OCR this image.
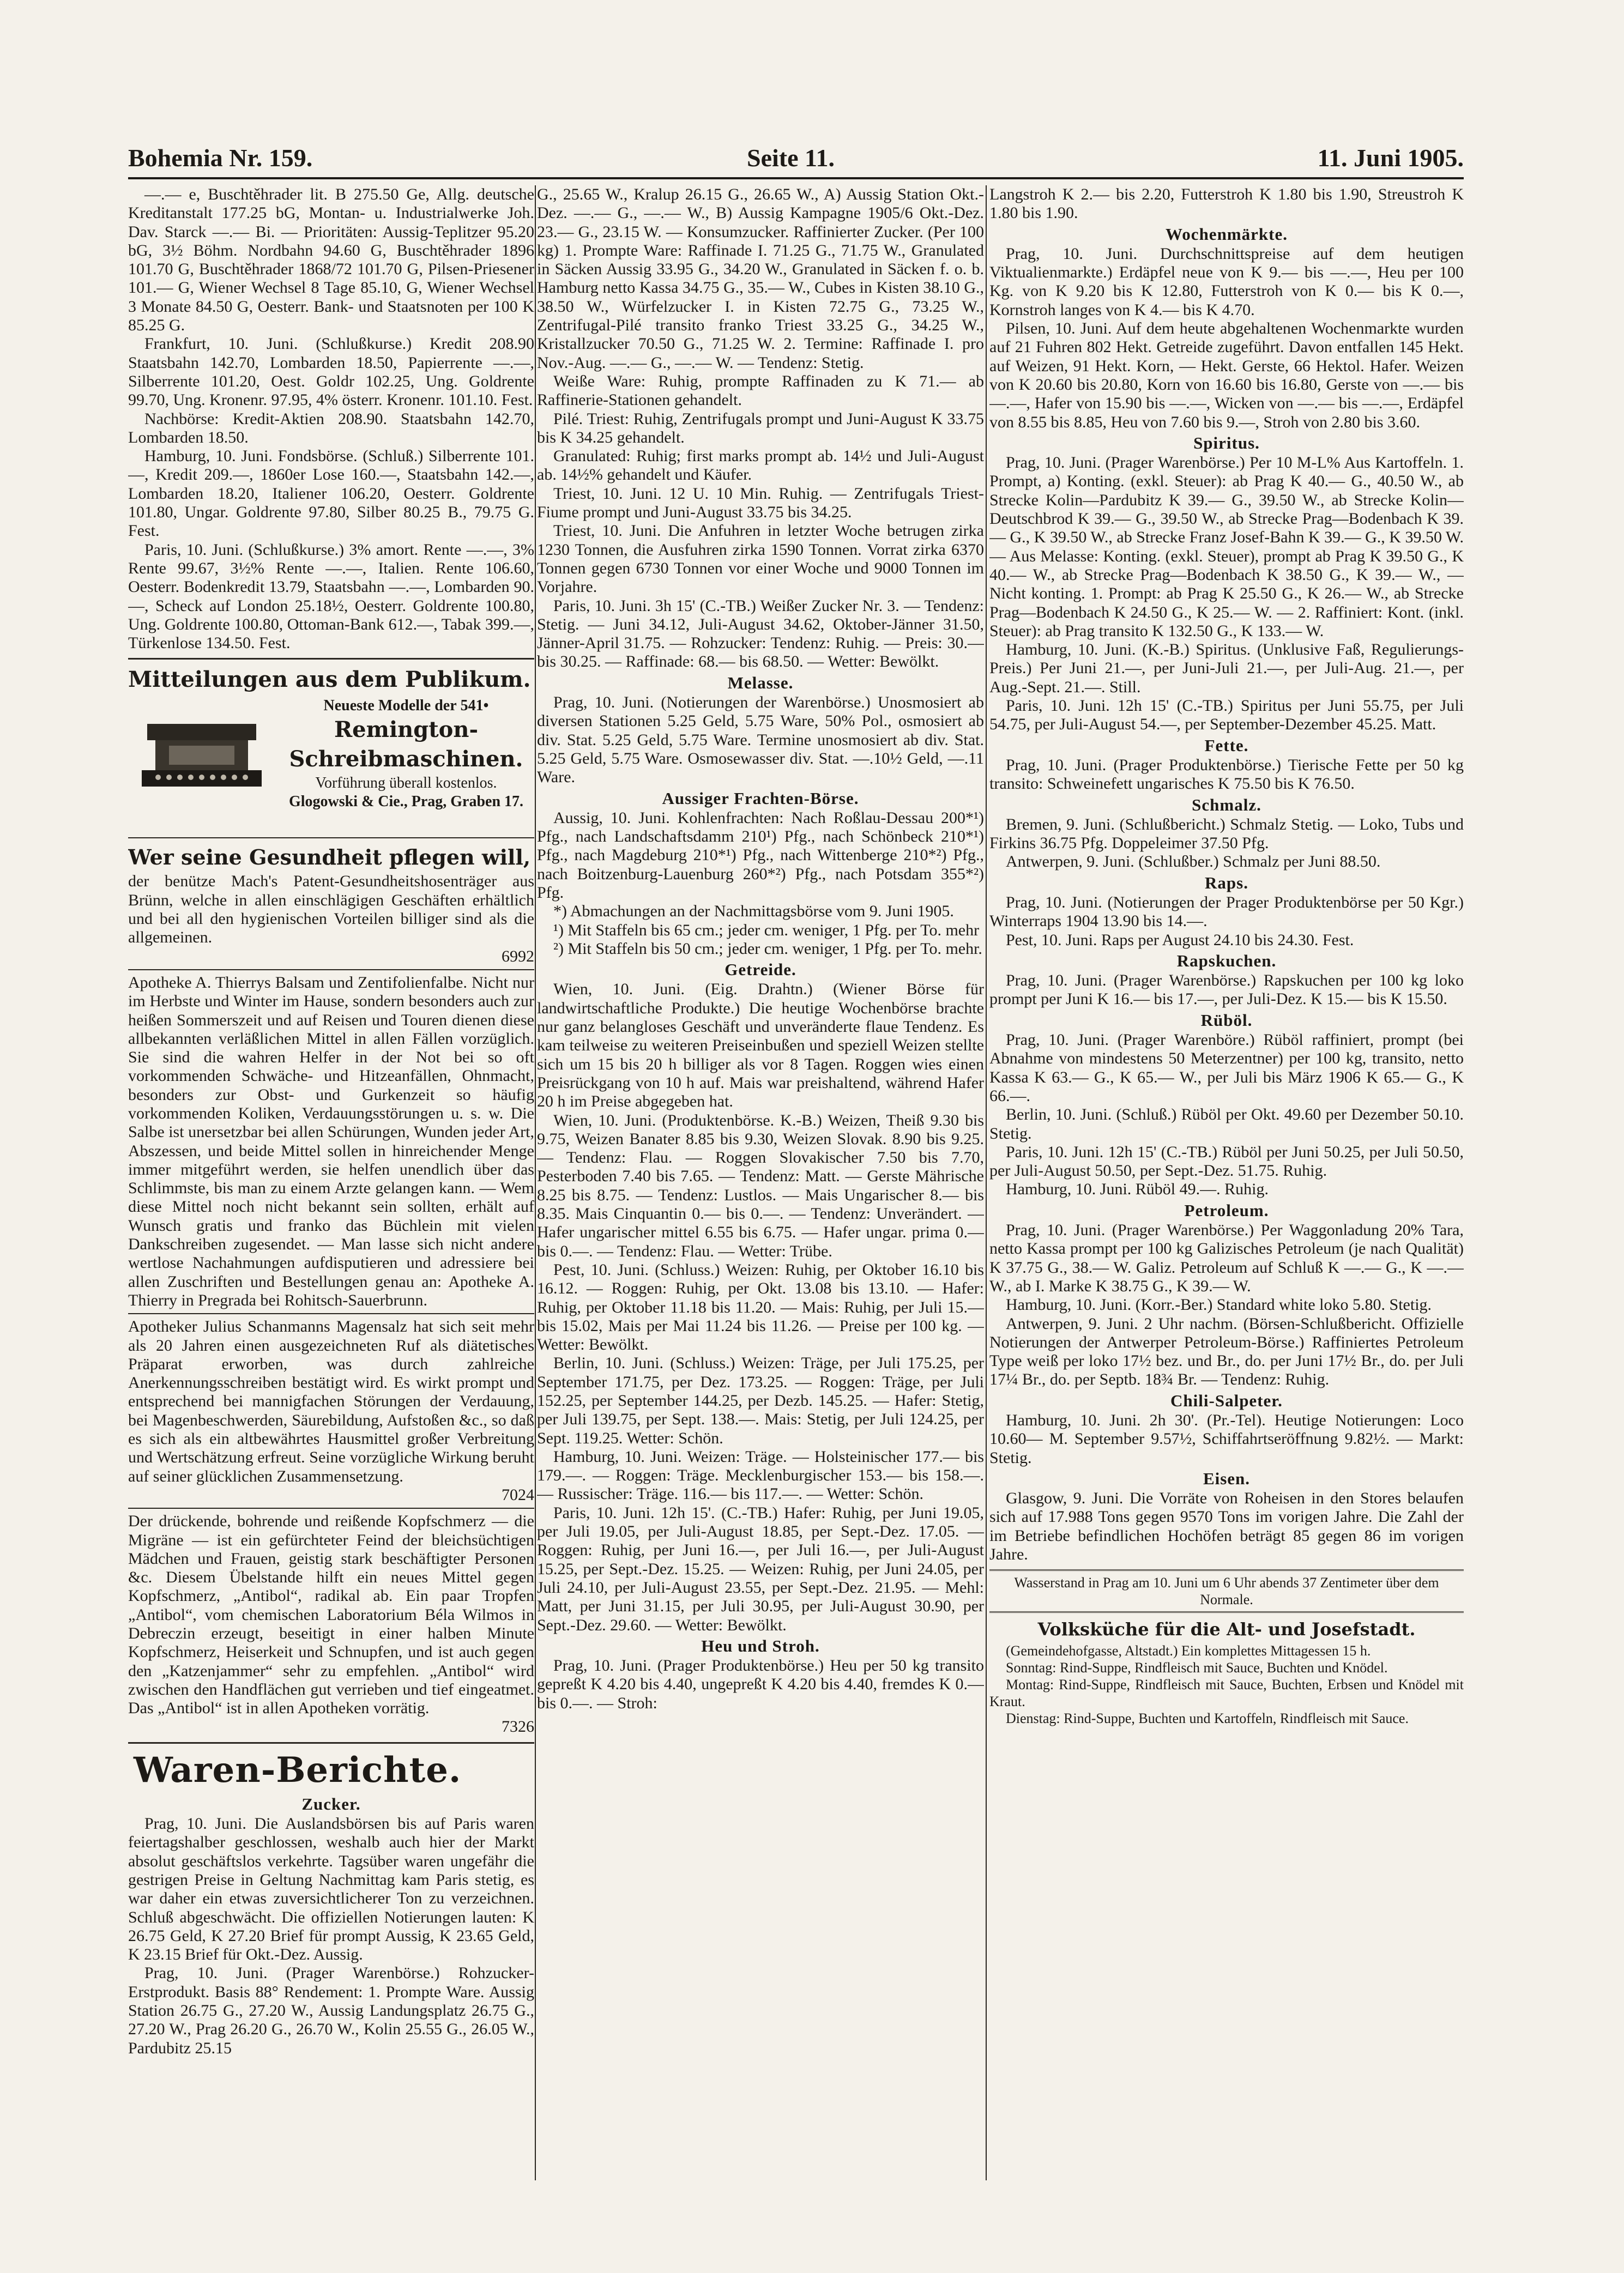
Bohemia Nr. 159.	Seite 11.	11. Juni 1905.

—.— e, Buschtěhrader lit. B 275.50 Ge, Allg. deutsche Kreditanstalt 177.25 bG, Montan- u. Industrialwerke Joh. Dav. Starck —.— Bi. — Prioritäten: Aussig-Teplitzer 95.20 bG, 3½ Böhm. Nordbahn 94.60 G, Buschtěhrader 1896 101.70 G, Buschtěhrader 1868/72 101.70 G, Pilsen-Priesener 101.— G, Wiener Wechsel 8 Tage 85.10, G, Wiener Wechsel 3 Monate 84.50 G, Oesterr. Bank- und Staatsnoten per 100 K 85.25 G.

Frankfurt, 10. Juni. (Schlußkurse.) Kredit 208.90 Staatsbahn 142.70, Lombarden 18.50, Papierrente —.—, Silberrente 101.20, Oest. Goldr 102.25, Ung. Goldrente 99.70, Ung. Kronenr. 97.95, 4% österr. Kronenr. 101.10. Fest.

Nachbörse: Kredit-Aktien 208.90. Staatsbahn 142.70, Lombarden 18.50.

Hamburg, 10. Juni. Fondsbörse. (Schluß.) Silberrente 101.—, Kredit 209.—, 1860er Lose 160.—, Staatsbahn 142.—, Lombarden 18.20, Italiener 106.20, Oesterr. Goldrente 101.80, Ungar. Goldrente 97.80, Silber 80.25 B., 79.75 G. Fest.

Paris, 10. Juni. (Schlußkurse.) 3% amort. Rente —.—, 3% Rente 99.67, 3½% Rente —.—, Italien. Rente 106.60, Oesterr. Bodenkredit 13.79, Staatsbahn —.—, Lombarden 90.—, Scheck auf London 25.18½, Oesterr. Goldrente 100.80, Ung. Goldrente 100.80, Ottoman-Bank 612.—, Tabak 399.—, Türkenlose 134.50. Fest.

Mitteilungen aus dem Publikum.
Neueste Modelle der 541•
Remington-Schreibmaschinen.
Vorführung überall kostenlos.
Glogowski & Cie., Prag, Graben 17.
Wer seine Gesundheit pflegen will,

der benütze Mach's Patent-Gesundheitshosenträger aus Brünn, welche in allen einschlägigen Geschäften erhältlich und bei all den hygienischen Vorteilen billiger sind als die allgemeinen.

6992

Apotheke A. Thierrys Balsam und Zentifolienfalbe. Nicht nur im Herbste und Winter im Hause, sondern besonders auch zur heißen Sommerszeit und auf Reisen und Touren dienen diese allbekannten verläßlichen Mittel in allen Fällen vorzüglich. Sie sind die wahren Helfer in der Not bei so oft vorkommenden Schwäche- und Hitzeanfällen, Ohnmacht, besonders zur Obst- und Gurkenzeit so häufig vorkommenden Koliken, Verdauungsstörungen u. s. w. Die Salbe ist unersetzbar bei allen Schürungen, Wunden jeder Art, Abszessen, und beide Mittel sollen in hinreichender Menge immer mitgeführt werden, sie helfen unendlich über das Schlimmste, bis man zu einem Arzte gelangen kann. — Wem diese Mittel noch nicht bekannt sein sollten, erhält auf Wunsch gratis und franko das Büchlein mit vielen Dankschreiben zugesendet. — Man lasse sich nicht andere wertlose Nachahmungen aufdisputieren und adressiere bei allen Zuschriften und Bestellungen genau an: Apotheke A. Thierry in Pregrada bei Rohitsch-Sauerbrunn.

Apotheker Julius Schanmanns Magensalz hat sich seit mehr als 20 Jahren einen ausgezeichneten Ruf als diätetisches Präparat erworben, was durch zahlreiche Anerkennungsschreiben bestätigt wird. Es wirkt prompt und entsprechend bei mannigfachen Störungen der Verdauung, bei Magenbeschwerden, Säurebildung, Aufstoßen &c., so daß es sich als ein altbewährtes Hausmittel großer Verbreitung und Wertschätzung erfreut. Seine vorzügliche Wirkung beruht auf seiner glücklichen Zusammensetzung.

7024

Der drückende, bohrende und reißende Kopfschmerz — die Migräne — ist ein gefürchteter Feind der bleichsüchtigen Mädchen und Frauen, geistig stark beschäftigter Personen &c. Diesem Übelstande hilft ein neues Mittel gegen Kopfschmerz, „Antibol“, radikal ab. Ein paar Tropfen „Antibol“, vom chemischen Laboratorium Béla Wilmos in Debreczin erzeugt, beseitigt in einer halben Minute Kopfschmerz, Heiserkeit und Schnupfen, und ist auch gegen den „Katzenjammer“ sehr zu empfehlen. „Antibol“ wird zwischen den Handflächen gut verrieben und tief eingeatmet. Das „Antibol“ ist in allen Apotheken vorrätig.

7326
Waren-Berichte.
Zucker.

Prag, 10. Juni. Die Auslandsbörsen bis auf Paris waren feiertagshalber geschlossen, weshalb auch hier der Markt absolut geschäftslos verkehrte. Tagsüber waren ungefähr die gestrigen Preise in Geltung Nachmittag kam Paris stetig, es war daher ein etwas zuversichtlicherer Ton zu verzeichnen. Schluß abgeschwächt. Die offiziellen Notierungen lauten: K 26.75 Geld, K 27.20 Brief für prompt Aussig, K 23.65 Geld, K 23.15 Brief für Okt.-Dez. Aussig.

Prag, 10. Juni. (Prager Warenbörse.) Rohzucker-Erstprodukt. Basis 88° Rendement: 1. Prompte Ware. Aussig Station 26.75 G., 27.20 W., Aussig Landungsplatz 26.75 G., 27.20 W., Prag 26.20 G., 26.70 W., Kolin 25.55 G., 26.05 W., Pardubitz 25.15

G., 25.65 W., Kralup 26.15 G., 26.65 W., A) Aussig Station Okt.-Dez. —.— G., —.— W., B) Aussig Kampagne 1905/6 Okt.-Dez. 23.— G., 23.15 W. — Konsumzucker. Raffinierter Zucker. (Per 100 kg) 1. Prompte Ware: Raffinade I. 71.25 G., 71.75 W., Granulated in Säcken Aussig 33.95 G., 34.20 W., Granulated in Säcken f. o. b. Hamburg netto Kassa 34.75 G., 35.— W., Cubes in Kisten 38.10 G., 38.50 W., Würfelzucker I. in Kisten 72.75 G., 73.25 W., Zentrifugal-Pilé transito franko Triest 33.25 G., 34.25 W., Kristallzucker 70.50 G., 71.25 W. 2. Termine: Raffinade I. pro Nov.-Aug. —.— G., —.— W. — Tendenz: Stetig.

Weiße Ware: Ruhig, prompte Raffinaden zu K 71.— ab Raffinerie-Stationen gehandelt.

Pilé. Triest: Ruhig, Zentrifugals prompt und Juni-August K 33.75 bis K 34.25 gehandelt.

Granulated: Ruhig; first marks prompt ab. 14½ und Juli-August ab. 14½% gehandelt und Käufer.

Triest, 10. Juni. 12 U. 10 Min. Ruhig. — Zentrifugals Triest-Fiume prompt und Juni-August 33.75 bis 34.25.

Triest, 10. Juni. Die Anfuhren in letzter Woche betrugen zirka 1230 Tonnen, die Ausfuhren zirka 1590 Tonnen. Vorrat zirka 6370 Tonnen gegen 6730 Tonnen vor einer Woche und 9000 Tonnen im Vorjahre.

Paris, 10. Juni. 3h 15' (C.-TB.) Weißer Zucker Nr. 3. — Tendenz: Stetig. — Juni 34.12, Juli-August 34.62, Oktober-Jänner 31.50, Jänner-April 31.75. — Rohzucker: Tendenz: Ruhig. — Preis: 30.— bis 30.25. — Raffinade: 68.— bis 68.50. — Wetter: Bewölkt.

Melasse.

Prag, 10. Juni. (Notierungen der Warenbörse.) Unosmosiert ab diversen Stationen 5.25 Geld, 5.75 Ware, 50% Pol., osmosiert ab div. Stat. 5.25 Geld, 5.75 Ware. Termine unosmosiert ab div. Stat. 5.25 Geld, 5.75 Ware. Osmosewasser div. Stat. —.10½ Geld, —.11 Ware.

Aussiger Frachten-Börse.

Aussig, 10. Juni. Kohlenfrachten: Nach Roßlau-Dessau 200*¹) Pfg., nach Landschaftsdamm 210¹) Pfg., nach Schönbeck 210*¹) Pfg., nach Magdeburg 210*¹) Pfg., nach Wittenberge 210*²) Pfg., nach Boitzenburg-Lauenburg 260*²) Pfg., nach Potsdam 355*²) Pfg.

*) Abmachungen an der Nachmittagsbörse vom 9. Juni 1905.

¹) Mit Staffeln bis 65 cm.; jeder cm. weniger, 1 Pfg. per To. mehr

²) Mit Staffeln bis 50 cm.; jeder cm. weniger, 1 Pfg. per To. mehr.

Getreide.

Wien, 10. Juni. (Eig. Drahtn.) (Wiener Börse für landwirtschaftliche Produkte.) Die heutige Wochenbörse brachte nur ganz belangloses Geschäft und unveränderte flaue Tendenz. Es kam teilweise zu weiteren Preiseinbußen und speziell Weizen stellte sich um 15 bis 20 h billiger als vor 8 Tagen. Roggen wies einen Preisrückgang von 10 h auf. Mais war preishaltend, während Hafer 20 h im Preise abgegeben hat.

Wien, 10. Juni. (Produktenbörse. K.-B.) Weizen, Theiß 9.30 bis 9.75, Weizen Banater 8.85 bis 9.30, Weizen Slovak. 8.90 bis 9.25. — Tendenz: Flau. — Roggen Slovakischer 7.50 bis 7.70, Pesterboden 7.40 bis 7.65. — Tendenz: Matt. — Gerste Mährische 8.25 bis 8.75. — Tendenz: Lustlos. — Mais Ungarischer 8.— bis 8.35. Mais Cinquantin 0.— bis 0.—. — Tendenz: Unverändert. — Hafer ungarischer mittel 6.55 bis 6.75. — Hafer ungar. prima 0.— bis 0.—. — Tendenz: Flau. — Wetter: Trübe.

Pest, 10. Juni. (Schluss.) Weizen: Ruhig, per Oktober 16.10 bis 16.12. — Roggen: Ruhig, per Okt. 13.08 bis 13.10. — Hafer: Ruhig, per Oktober 11.18 bis 11.20. — Mais: Ruhig, per Juli 15.— bis 15.02, Mais per Mai 11.24 bis 11.26. — Preise per 100 kg. — Wetter: Bewölkt.

Berlin, 10. Juni. (Schluss.) Weizen: Träge, per Juli 175.25, per September 171.75, per Dez. 173.25. — Roggen: Träge, per Juli 152.25, per September 144.25, per Dezb. 145.25. — Hafer: Stetig, per Juli 139.75, per Sept. 138.—. Mais: Stetig, per Juli 124.25, per Sept. 119.25. Wetter: Schön.

Hamburg, 10. Juni. Weizen: Träge. — Holsteinischer 177.— bis 179.—. — Roggen: Träge. Mecklenburgischer 153.— bis 158.—. — Russischer: Träge. 116.— bis 117.—. — Wetter: Schön.

Paris, 10. Juni. 12h 15'. (C.-TB.) Hafer: Ruhig, per Juni 19.05, per Juli 19.05, per Juli-August 18.85, per Sept.-Dez. 17.05. — Roggen: Ruhig, per Juni 16.—, per Juli 16.—, per Juli-August 15.25, per Sept.-Dez. 15.25. — Weizen: Ruhig, per Juni 24.05, per Juli 24.10, per Juli-August 23.55, per Sept.-Dez. 21.95. — Mehl: Matt, per Juni 31.15, per Juli 30.95, per Juli-August 30.90, per Sept.-Dez. 29.60. — Wetter: Bewölkt.

Heu und Stroh.

Prag, 10. Juni. (Prager Produktenbörse.) Heu per 50 kg transito gepreßt K 4.20 bis 4.40, ungepreßt K 4.20 bis 4.40, fremdes K 0.— bis 0.—. — Stroh:

Langstroh K 2.— bis 2.20, Futterstroh K 1.80 bis 1.90, Streustroh K 1.80 bis 1.90.

Wochenmärkte.

Prag, 10. Juni. Durchschnittspreise auf dem heutigen Viktualienmarkte.) Erdäpfel neue von K 9.— bis —.—, Heu per 100 Kg. von K 9.20 bis K 12.80, Futterstroh von K 0.— bis K 0.—, Kornstroh langes von K 4.— bis K 4.70.

Pilsen, 10. Juni. Auf dem heute abgehaltenen Wochenmarkte wurden auf 21 Fuhren 802 Hekt. Getreide zugeführt. Davon entfallen 145 Hekt. auf Weizen, 91 Hekt. Korn, — Hekt. Gerste, 66 Hektol. Hafer. Weizen von K 20.60 bis 20.80, Korn von 16.60 bis 16.80, Gerste von —.— bis —.—, Hafer von 15.90 bis —.—, Wicken von —.— bis —.—, Erdäpfel von 8.55 bis 8.85, Heu von 7.60 bis 9.—, Stroh von 2.80 bis 3.60.

Spiritus.

Prag, 10. Juni. (Prager Warenbörse.) Per 10 M-L% Aus Kartoffeln. 1. Prompt, a) Konting. (exkl. Steuer): ab Prag K 40.— G., 40.50 W., ab Strecke Kolin—Pardubitz K 39.— G., 39.50 W., ab Strecke Kolin—Deutschbrod K 39.— G., 39.50 W., ab Strecke Prag—Bodenbach K 39.— G., K 39.50 W., ab Strecke Franz Josef-Bahn K 39.— G., K 39.50 W. — Aus Melasse: Konting. (exkl. Steuer), prompt ab Prag K 39.50 G., K 40.— W., ab Strecke Prag—Bodenbach K 38.50 G., K 39.— W., — Nicht konting. 1. Prompt: ab Prag K 25.50 G., K 26.— W., ab Strecke Prag—Bodenbach K 24.50 G., K 25.— W. — 2. Raffiniert: Kont. (inkl. Steuer): ab Prag transito K 132.50 G., K 133.— W.

Hamburg, 10. Juni. (K.-B.) Spiritus. (Unklusive Faß, Regulierungs-Preis.) Per Juni 21.—, per Juni-Juli 21.—, per Juli-Aug. 21.—, per Aug.-Sept. 21.—. Still.

Paris, 10. Juni. 12h 15' (C.-TB.) Spiritus per Juni 55.75, per Juli 54.75, per Juli-August 54.—, per September-Dezember 45.25. Matt.

Fette.

Prag, 10. Juni. (Prager Produktenbörse.) Tierische Fette per 50 kg transito: Schweinefett ungarisches K 75.50 bis K 76.50.

Schmalz.

Bremen, 9. Juni. (Schlußbericht.) Schmalz Stetig. — Loko, Tubs und Firkins 36.75 Pfg. Doppeleimer 37.50 Pfg.

Antwerpen, 9. Juni. (Schlußber.) Schmalz per Juni 88.50.

Raps.

Prag, 10. Juni. (Notierungen der Prager Produktenbörse per 50 Kgr.) Winterraps 1904 13.90 bis 14.—.

Pest, 10. Juni. Raps per August 24.10 bis 24.30. Fest.

Rapskuchen.

Prag, 10. Juni. (Prager Warenbörse.) Rapskuchen per 100 kg loko prompt per Juni K 16.— bis 17.—, per Juli-Dez. K 15.— bis K 15.50.

Rüböl.

Prag, 10. Juni. (Prager Warenböre.) Rüböl raffiniert, prompt (bei Abnahme von mindestens 50 Meterzentner) per 100 kg, transito, netto Kassa K 63.— G., K 65.— W., per Juli bis März 1906 K 65.— G., K 66.—.

Berlin, 10. Juni. (Schluß.) Rüböl per Okt. 49.60 per Dezember 50.10. Stetig.

Paris, 10. Juni. 12h 15' (C.-TB.) Rüböl per Juni 50.25, per Juli 50.50, per Juli-August 50.50, per Sept.-Dez. 51.75. Ruhig.

Hamburg, 10. Juni. Rüböl 49.—. Ruhig.

Petroleum.

Prag, 10. Juni. (Prager Warenbörse.) Per Waggonladung 20% Tara, netto Kassa prompt per 100 kg Galizisches Petroleum (je nach Qualität) K 37.75 G., 38.— W. Galiz. Petroleum auf Schluß K —.— G., K —.— W., ab I. Marke K 38.75 G., K 39.— W.

Hamburg, 10. Juni. (Korr.-Ber.) Standard white loko 5.80. Stetig.

Antwerpen, 9. Juni. 2 Uhr nachm. (Börsen-Schlußbericht. Offizielle Notierungen der Antwerper Petroleum-Börse.) Raffiniertes Petroleum Type weiß per loko 17½ bez. und Br., do. per Juni 17½ Br., do. per Juli 17¼ Br., do. per Septb. 18¾ Br. — Tendenz: Ruhig.

Chili-Salpeter.

Hamburg, 10. Juni. 2h 30'. (Pr.-Tel). Heutige Notierungen: Loco 10.60— M. September 9.57½, Schiffahrtseröffnung 9.82½. — Markt: Stetig.

Eisen.

Glasgow, 9. Juni. Die Vorräte von Roheisen in den Stores belaufen sich auf 17.988 Tons gegen 9570 Tons im vorigen Jahre. Die Zahl der im Betriebe befindlichen Hochöfen beträgt 85 gegen 86 im vorigen Jahre.

Wasserstand in Prag am 10. Juni um 6 Uhr abends 37 Zentimeter über dem Normale.
Volksküche für die Alt- und Josefstadt.

(Gemeindehofgasse, Altstadt.) Ein komplettes Mittagessen 15 h.

Sonntag: Rind-Suppe, Rindfleisch mit Sauce, Buchten und Knödel.

Montag: Rind-Suppe, Rindfleisch mit Sauce, Buchten, Erbsen und Knödel mit Kraut.

Dienstag: Rind-Suppe, Buchten und Kartoffeln, Rindfleisch mit Sauce.
